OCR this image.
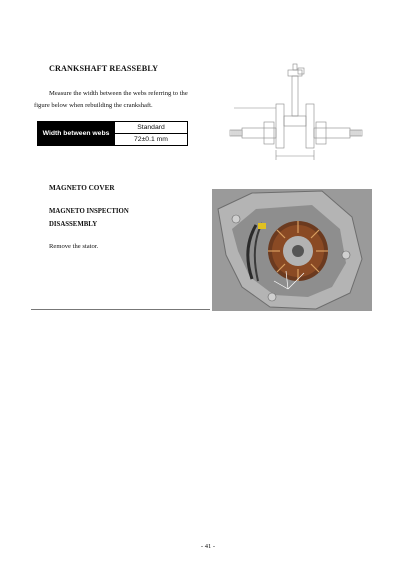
CRANKSHAFT REASSEBLY
Measure the width between the webs referring to the
figure below when rebuilding the crankshaft.
Width between webs	Standard
72±0.1 mm
MAGNETO COVER
MAGNETO INSPECTION
DISASSEMBLY
Remove the stator.
- 41 -
